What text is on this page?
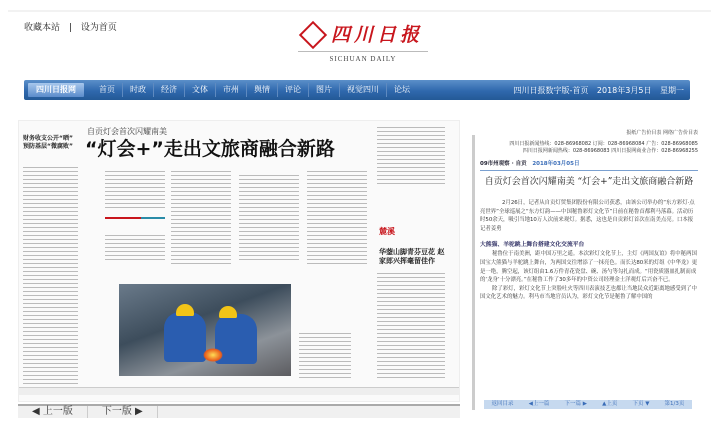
收藏本站 | 设为首页	四川日报
SICHUAN DAILY
四川日报网	首页	时政	经济	文体	市州	舆情	评论	图片	视觉四川	论坛	四川日报数字版-首页 2018年3月5日 星期一
财务收支公开“晒” 预防基层“微腐败”
自贡灯会首次闪耀南美
“灯会+”走出文旅商融合新路
麓溪
华蓥山脚青芬豆花 赵家郎兴挥毫留佳作
◀ 上一版	下一版 ▶
报纸广告价目表 网络广告价目表
四川日报新闻热线：028-86968082 订阅：028-86968084 广告：028-86968085
四川日报网新闻热线：028-86968083 四川日报网商业合作：028-86968255
09市州观察 · 自贡 2018年03月05日
自贡灯会首次闪耀南美 “灯会+”走出文旅商融合新路
2月26日，记者从自贡灯贸集团股份有限公司获悉，由该公司举办的“东方彩灯·点亮世界”全球巡展之“东方灯韵——中国秘鲁彩灯文化节”日前在秘鲁首都利马落幕。活动历时50余天，吸引当地10万人次前来观灯。据悉，这也是自贡彩灯首次在南美点亮。口本报记者姜勇
大熊猫、羊驼跳上舞台搭建文化交流平台
秘鲁位于南美洲，距中国万里之遥。本次彩灯文化节上，主灯《两国友谊》将中秘两国国宝大熊猫与羊驼跳上舞台，为两国交往增添了一抹亮色。而长达80米的灯组《中华龙》更是一绝，腾空起，该灯组由1.6万件青花瓷盘、碗、汤勺等勾扎而成。“用瓷质器皿扎制而成的‘龙身’十分漂亮。”在秘鲁工作了30多年的中资公司经理金士洋观灯后兴奋不已。
除了彩灯，彩灯文化节上突脸吐火等四川表演技艺也都让当地民众近距离地感受到了中国文化艺术的魅力。利马市当地官员认为，彩灯文化节是秘鲁了解中国的
返回目录	◀上一篇	下一篇 ▶	▲上页	下页 ▼	第1/3页
